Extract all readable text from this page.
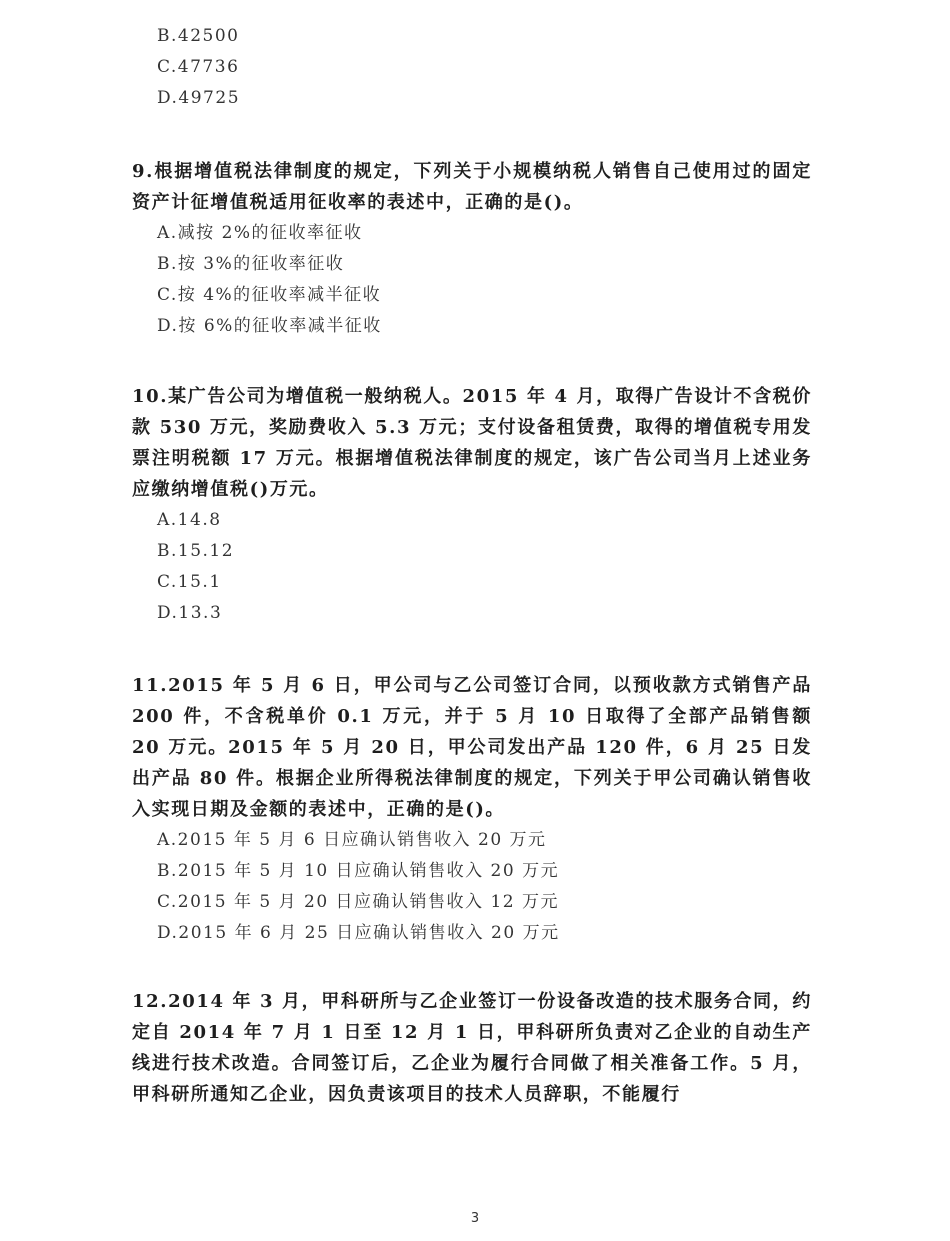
B.42500
C.47736
D.49725
9.根据增值税法律制度的规定，下列关于小规模纳税人销售自己使用过的固定资产计征增值税适用征收率的表述中，正确的是()。
A.减按 2%的征收率征收
B.按 3%的征收率征收
C.按 4%的征收率减半征收
D.按 6%的征收率减半征收
10.某广告公司为增值税一般纳税人。2015 年 4 月，取得广告设计不含税价款 530 万元，奖励费收入 5.3 万元；支付设备租赁费，取得的增值税专用发票注明税额 17 万元。根据增值税法律制度的规定，该广告公司当月上述业务应缴纳增值税()万元。
A.14.8
B.15.12
C.15.1
D.13.3
11.2015 年 5 月 6 日，甲公司与乙公司签订合同，以预收款方式销售产品 200 件，不含税单价 0.1 万元，并于 5 月 10 日取得了全部产品销售额 20 万元。2015 年 5 月 20 日，甲公司发出产品 120 件，6 月 25 日发出产品 80 件。根据企业所得税法律制度的规定，下列关于甲公司确认销售收入实现日期及金额的表述中，正确的是()。
A.2015 年 5 月 6 日应确认销售收入 20 万元
B.2015 年 5 月 10 日应确认销售收入 20 万元
C.2015 年 5 月 20 日应确认销售收入 12 万元
D.2015 年 6 月 25 日应确认销售收入 20 万元
12.2014 年 3 月，甲科研所与乙企业签订一份设备改造的技术服务合同，约定自 2014 年 7 月 1 日至 12 月 1 日，甲科研所负责对乙企业的自动生产线进行技术改造。合同签订后，乙企业为履行合同做了相关准备工作。5 月，甲科研所通知乙企业，因负责该项目的技术人员辞职，不能履行
3
